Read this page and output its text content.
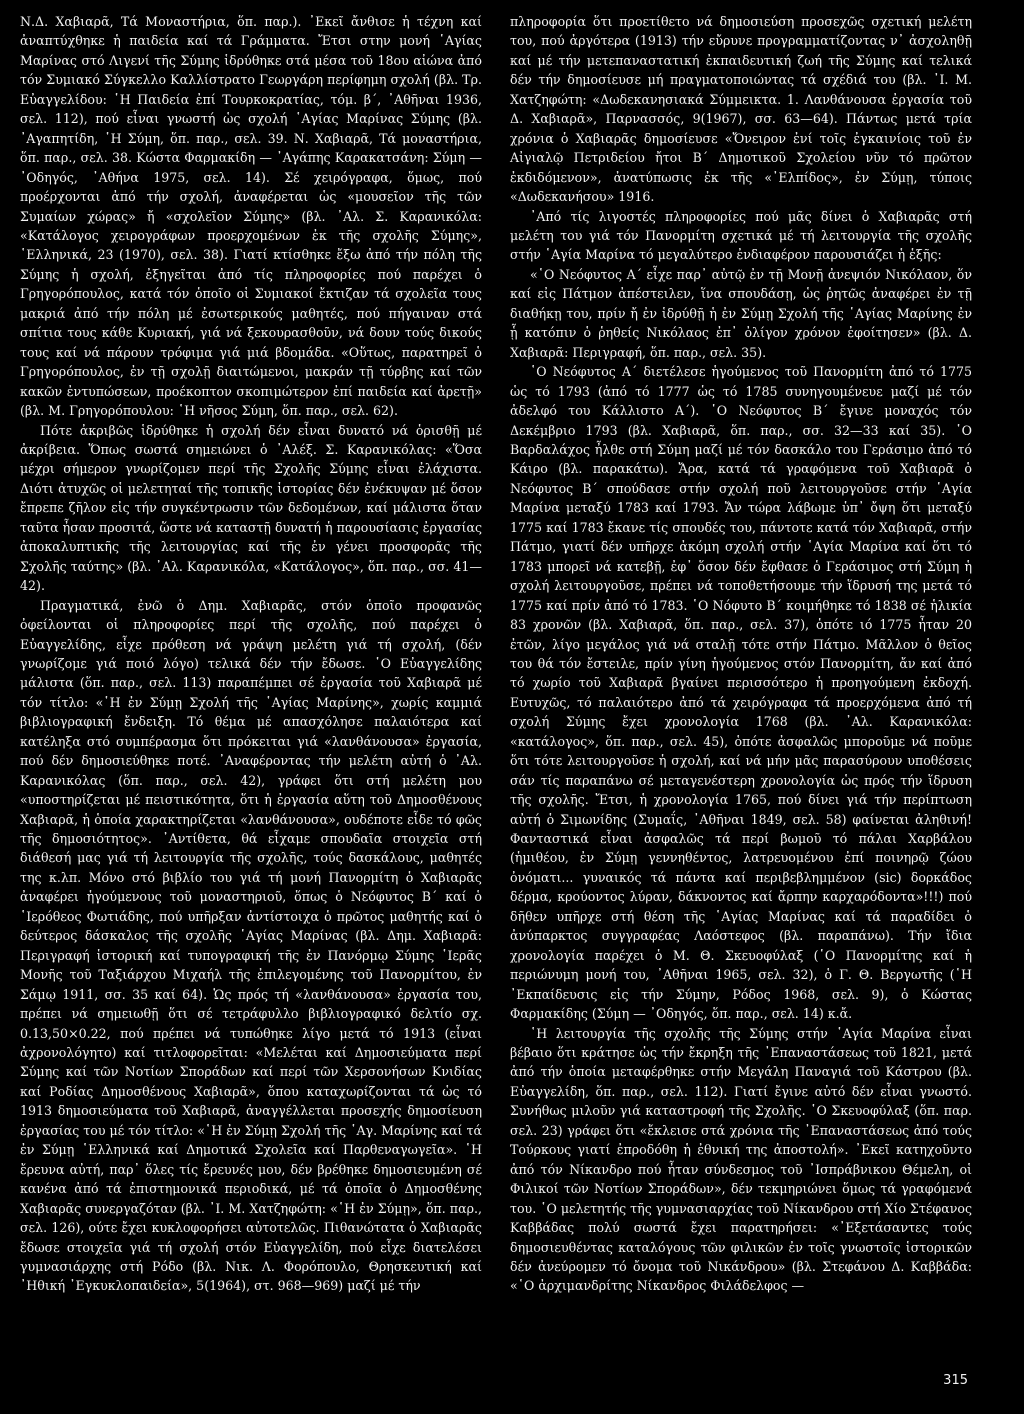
Ν.Δ. Χαβιαρᾶ, Τά Μοναστήρια, ὅπ. παρ.). ᾽Εκεῖ ἄνθισε ἡ τέχνη καί ἀναπτύχθηκε ἡ παιδεία καί τά Γράμματα. Ἔτσι στην μονή ῾Αγίας Μαρίνας στό Λιγενί τῆς Σύμης ἱδρύθηκε στά μέσα τοῦ 18ου αἰώνα ἀπό τόν Συμιακό Σύγκελλο Καλλίστρατο Γεωργάρη περίφημη σχολή (βλ. Τρ. Εὐαγγελίδου: ῾Η Παιδεία ἐπί Τουρκοκρατίας, τόμ. β΄, ᾽Αθῆναι 1936, σελ. 112), πού εἶναι γνωστή ὡς σχολή ῾Αγίας Μαρίνας Σύμης (βλ. ᾽Αγαπητίδη, ῾Η Σύμη, ὅπ. παρ., σελ. 39. Ν. Χαβιαρᾶ, Τά μοναστήρια, ὅπ. παρ., σελ. 38. Κώστα Φαρμακίδη — ᾽Αγάπης Καρακατσάνη: Σύμη — ᾽Οδηγός, ᾽Αθήνα 1975, σελ. 14). Σέ χειρόγραφα, ὅμως, πού προέρχονται ἀπό τήν σχολή, ἀναφέρεται ὡς «μουσεῖον τῆς τῶν Συμαίων χώρας» ἤ «σχολεῖον Σύμης» (βλ. ᾽Αλ. Σ. Καρανικόλα: «Κατάλογος χειρογράφων προερχομένων ἐκ τῆς σχολῆς Σύμης», ῾Ελληνικά, 23 (1970), σελ. 38). Γιατί κτίσθηκε ἔξω ἀπό τήν πόλη τῆς Σύμης ἡ σχολή, ἐξηγεῖται ἀπό τίς πληροφορίες πού παρέχει ὁ Γρηγορόπουλος, κατά τόν ὁποῖο οἱ Συμιακοί ἔκτιζαν τά σχολεῖα τους μακριά ἀπό τήν πόλη μέ ἐσωτερικούς μαθητές, πού πήγαιναν στά σπίτια τους κάθε Κυριακή, γιά νά ξεκουρασθοῦν, νά δουν τούς δικούς τους καί νά πάρουν τρόφιμα γιά μιά βδομάδα. «Οὕτως, παρατηρεῖ ὁ Γρηγορόπουλος, ἐν τῇ σχολῇ διαιτώμενοι, μακράν τῇ τύρβης καί τῶν κακῶν ἐντυπώσεων, προέκοπτον σκοπιμώτερον ἐπί παιδεία καί ἀρετῇ» (βλ. Μ. Γρηγορόπουλου: ῾Η νῆσος Σύμη, ὅπ. παρ., σελ. 62).

Πότε ἀκριβῶς ἱδρύθηκε ἡ σχολή δέν εἶναι δυνατό νά ὁρισθῇ μέ ἀκρίβεια. Ὅπως σωστά σημειώνει ὁ ᾽Αλέξ. Σ. Καρανικόλας: «Ὅσα μέχρι σήμερον γνωρίζομεν περί τῆς Σχολῆς Σύμης εἶναι ἐλάχιστα. Διότι ἀτυχῶς οἱ μελετηταί τῆς τοπικῆς ἱστορίας δέν ἐνέκυψαν μέ ὅσον ἔπρεπε ζῆλον εἰς τήν συγκέντρωσιν τῶν δεδομένων, καί μάλιστα ὅταν ταῦτα ἦσαν προσιτά, ὥστε νά καταστῇ δυνατή ἡ παρουσίασις ἐργασίας ἀποκαλυπτικῆς τῆς λειτουργίας καί τῆς ἐν γένει προσφορᾶς τῆς Σχολῆς ταύτης» (βλ. ᾽Αλ. Καρανικόλα, «Κατάλογος», ὅπ. παρ., σσ. 41—42).

Πραγματικά, ἐνῶ ὁ Δημ. Χαβιαρᾶς, στόν ὁποῖο προφανῶς ὀφείλονται οἱ πληροφορίες περί τῆς σχολῆς, πού παρέχει ὁ Εὐαγγελίδης, εἶχε πρόθεση νά γράψη μελέτη γιά τή σχολή, (δέν γνωρίζομε γιά ποιό λόγο) τελικά δέν τήν ἔδωσε. ῾Ο Εὐαγγελίδης μάλιστα (ὅπ. παρ., σελ. 113) παραπέμπει σέ ἐργασία τοῦ Χαβιαρᾶ μέ τόν τίτλο: «῾Η ἐν Σύμῃ Σχολή τῆς ῾Αγίας Μαρίνης», χωρίς καμμιά βιβλιογραφική ἔνδειξη. Τό θέμα μέ απασχόλησε παλαιότερα καί κατέληξα στό συμπέρασμα ὅτι πρόκειται γιά «λανθάνουσα» ἐργασία, πού δέν δημοσιεύθηκε ποτέ. ᾽Αναφέροντας τήν μελέτη αὐτή ὁ ᾽Αλ. Καρανικόλας (ὅπ. παρ., σελ. 42), γράφει ὅτι στή μελέτη μου «υποστηρίζεται μέ πειστικότητα, ὅτι ἡ ἐργασία αὕτη τοῦ Δημοσθένους Χαβιαρᾶ, ἡ ὁποία χαρακτηρίζεται «λανθάνουσα», ουδέποτε εἶδε τό φῶς τῆς δημοσιότητος». ᾽Αντίθετα, θά εἶχαμε σπουδαῖα στοιχεῖα στή διάθεσή μας γιά τή λειτουργία τῆς σχολῆς, τούς δασκάλους, μαθητές της κ.λπ. Μόνο στό βιβλίο του γιά τή μονή Πανορμίτη ὁ Χαβιαρᾶς ἀναφέρει ἡγούμενους τοῦ μοναστηριοῦ, ὅπως ὁ Νεόφυτος Β΄ καί ὁ ῾Ιερόθεος Φωτιάδης, πού υπῆρξαν ἀντίστοιχα ὁ πρῶτος μαθητής καί ὁ δεύτερος δάσκαλος τῆς σχολῆς ῾Αγίας Μαρίνας (βλ. Δημ. Χαβιαρᾶ: Περιγραφή ἱστορική καί τυπογραφική τῆς ἐν Πανόρμῳ Σύμης ῾Ιερᾶς Μονῆς τοῦ Ταξιάρχου Μιχαήλ τῆς ἐπιλεγομένης τοῦ Πανορμίτου, ἐν Σάμῳ 1911, σσ. 35 καί 64). Ὡς πρός τή «λανθάνουσα» ἐργασία του, πρέπει νά σημειωθῇ ὅτι σέ τετράφυλλο βιβλιογραφικό δελτίο σχ. 0.13,50×0.22, πού πρέπει νά τυπώθηκε λίγο μετά τό 1913 (εἶναι ἀχρονολόγητο) καί τιτλοφορεῖται: «Μελέται καί Δημοσιεύματα περί Σύμης καί τῶν Νοτίων Σποράδων καί περί τῶν Χερσονήσων Κνιδίας καί Ροδίας Δημοσθένους Χαβιαρᾶ», ὅπου καταχωρίζονται τά ὡς τό 1913 δημοσιεύματα τοῦ Χαβιαρᾶ, ἀναγγέλλεται προσεχής δημοσίευση ἐργασίας του μέ τόν τίτλο: «῾Η ἐν Σύμῃ Σχολή τῆς ῾Αγ. Μαρίνης καί τά ἐν Σύμῃ ῾Ελληνικά καί Δημοτικά Σχολεῖα καί Παρθεναγωγεῖα». ῾Η ἔρευνα αὐτή, παρ᾽ ὅλες τίς ἔρευνές μου, δέν βρέθηκε δημοσιευμένη σέ κανένα ἀπό τά ἐπιστημονικά περιοδικά, μέ τά ὁποῖα ὁ Δημοσθένης Χαβιαρᾶς συνεργαζόταν (βλ. ᾽Ι. Μ. Χατζηφώτη: «῾Η ἐν Σύμῃ», ὅπ. παρ., σελ. 126), ούτε ἔχει κυκλοφορήσει αὐτοτελῶς. Πιθανώτατα ὁ Χαβιαρᾶς ἔδωσε στοιχεῖα γιά τή σχολή στόν Εὐαγγελίδη, πού εἶχε διατελέσει γυμνασιάρχης στή Ρόδο (βλ. Νικ. Λ. Φορόπουλο, Θρησκευτική καί ᾽Ηθική ᾽Εγκυκλοπαιδεία», 5(1964), στ. 968—969) μαζί μέ τήν

πληροφορία ὅτι προετίθετο νά δημοσιεύση προσεχῶς σχετική μελέτη του, πού ἀργότερα (1913) τήν εὔρυνε προγραμματίζοντας ν᾽ ἀσχοληθῇ καί μέ τήν μετεπαναστατική ἐκπαιδευτική ζωή τῆς Σύμης καί τελικά δέν τήν δημοσίευσε μή πραγματοποιώντας τά σχέδιά του (βλ. ᾽Ι. Μ. Χατζηφώτη: «Δωδεκανησιακά Σύμμεικτα. 1. Λανθάνουσα ἐργασία τοῦ Δ. Χαβιαρᾶ», Παρνασσός, 9(1967), σσ. 63—64). Πάντως μετά τρία χρόνια ὁ Χαβιαρᾶς δημοσίευσε «Ὄνειρον ἐνί τοῖς ἐγκαινίοις τοῦ ἐν Αἰγιαλῷ Πετριδείου ἤτοι Β΄ Δημοτικοῦ Σχολείου νῦν τό πρῶτον ἐκδιδόμενον», ἀνατύπωσις ἐκ τῆς «᾽Ελπίδος», ἐν Σύμῃ, τύποις «Δωδεκανήσου» 1916.

᾽Από τίς λιγοστές πληροφορίες πού μᾶς δίνει ὁ Χαβιαρᾶς στή μελέτη του γιά τόν Πανορμίτη σχετικά μέ τή λειτουργία τῆς σχολῆς στήν ῾Αγία Μαρίνα τό μεγαλύτερο ἐνδιαφέρον παρουσιάζει ἡ ἑξῆς:

«῾Ο Νεόφυτος Α΄ εἶχε παρ᾽ αὐτῷ ἐν τῇ Μονῇ ἀνεψιόν Νικόλαον, ὅν καί εἰς Πάτμον ἀπέστειλεν, ἵνα σπουδάσῃ, ὡς ῥητῶς ἀναφέρει ἐν τῇ διαθήκῃ του, πρίν ἤ ἐν ἱδρύθῇ ἡ ἐν Σύμῃ Σχολή τῆς ῾Αγίας Μαρίνης ἐν ᾗ κατόπιν ὁ ῥηθείς Νικόλαος ἐπ᾽ ὀλίγον χρόνον ἐφοίτησεν» (βλ. Δ. Χαβιαρᾶ: Περιγραφή, ὅπ. παρ., σελ. 35).

῾Ο Νεόφυτος Α΄ διετέλεσε ἡγούμενος τοῦ Πανορμίτη ἀπό τό 1775 ὡς τό 1793 (ἀπό τό 1777 ὡς τό 1785 συνηγουμένευε μαζί μέ τόν ἀδελφό του Κάλλιστο Α΄). ῾Ο Νεόφυτος Β΄ ἔγινε μοναχός τόν Δεκέμβριο 1793 (βλ. Χαβιαρᾶ, ὅπ. παρ., σσ. 32—33 καί 35). ῾Ο Βαρδαλάχος ἦλθε στή Σύμη μαζί μέ τόν δασκάλο του Γεράσιμο ἀπό τό Κάιρο (βλ. παρακάτω). Ἄρα, κατά τά γραφόμενα τοῦ Χαβιαρᾶ ὁ Νεόφυτος Β΄ σπούδασε στήν σχολή ποῦ λειτουργοῦσε στήν ῾Αγία Μαρίνα μεταξύ 1783 καί 1793. Ἄν τώρα λάβωμε ὑπ᾽ ὄψη ὅτι μεταξύ 1775 καί 1783 ἔκανε τίς σπουδές του, πάντοτε κατά τόν Χαβιαρᾶ, στήν Πάτμο, γιατί δέν υπῆρχε ἀκόμη σχολή στήν ῾Αγία Μαρίνα καί ὅτι τό 1783 μπορεῖ νά κατεβῇ, ἐφ᾽ ὅσον δέν ἔφθασε ὁ Γεράσιμος στή Σύμη ἡ σχολή λειτουργοῦσε, πρέπει νά τοποθετήσουμε τήν ἵδρυσή της μετά τό 1775 καί πρίν ἀπό τό 1783. ῾Ο Νόφυτο Β΄ κοιμήθηκε τό 1838 σέ ἡλικία 83 χρονῶν (βλ. Χαβιαρᾶ, ὅπ. παρ., σελ. 37), ὁπότε ιό 1775 ἦταν 20 ἐτῶν, λίγο μεγάλος γιά νά σταλῇ τότε στήν Πάτμο. Μᾶλλον ὁ θεῖος του θά τόν ἔστειλε, πρίν γίνη ἡγούμενος στόν Πανορμίτη, ἄν καί ἀπό τό χωρίο τοῦ Χαβιαρᾶ βγαίνει περισσότερο ἡ προηγούμενη ἐκδοχή. Ευτυχῶς, τό παλαιότερο ἀπό τά χειρόγραφα τά προερχόμενα ἀπό τή σχολή Σύμης ἔχει χρονολογία 1768 (βλ. ᾽Αλ. Καρανικόλα: «κατάλογος», ὅπ. παρ., σελ. 45), ὁπότε ἀσφαλῶς μποροῦμε νά ποῦμε ὅτι τότε λειτουργοῦσε ἡ σχολή, καί νά μήν μᾶς παρασύρουν υποθέσεις σάν τίς παραπάνω σέ μεταγενέστερη χρονολογία ὡς πρός τήν ἵδρυση τῆς σχολῆς. Ἔτσι, ἡ χρονολογία 1765, πού δίνει γιά τήν περίπτωση αὐτή ὁ Σιμωνίδης (Συμαΐς, ᾽Αθῆναι 1849, σελ. 58) φαίνεται ἀληθινή! Φανταστικά εἶναι ἀσφαλῶς τά περί βωμοῦ τό πάλαι Χαρβάλου (ἡμιθέου, ἐν Σύμῃ γεννηθέντος, λατρευομένου ἐπί ποινηρῷ ζώου ὀνόματι... γυναικός τά πάντα καί περιβεβλημμένον (sic) δορκάδος δέρμα, κρούοντος λύραν, δάκνοντος καί ἄρπην καρχαρόδοντα»!!!) πού δῆθεν υπῆρχε στή θέση τῆς ῾Αγίας Μαρίνας καί τά παραδίδει ὁ ἀνύπαρκτος συγγραφέας Λαόστεφος (βλ. παραπάνω). Τήν ἴδια χρονολογία παρέχει ὁ Μ. Θ. Σκευοφύλαξ (῾Ο Πανορμίτης καί ἡ περιώνυμη μονή του, ᾽Αθῆναι 1965, σελ. 32), ὁ Γ. Θ. Βεργωτῆς (῾Η ᾽Εκπαίδευσις εἰς τήν Σύμην, Ρόδος 1968, σελ. 9), ὁ Κώστας Φαρμακίδης (Σύμη — ᾽Οδηγός, ὅπ. παρ., σελ. 14) κ.ἄ.

῾Η λειτουργία τῆς σχολῆς τῆς Σύμης στήν ῾Αγία Μαρίνα εἶναι βέβαιο ὅτι κράτησε ὡς τήν ἔκρηξη τῆς ᾽Επαναστάσεως τοῦ 1821, μετά ἀπό τήν ὁποία μεταφέρθηκε στήν Μεγάλη Παναγιά τοῦ Κάστρου (βλ. Εὐαγγελίδη, ὅπ. παρ., σελ. 112). Γιατί ἔγινε αὐτό δέν εἶναι γνωστό. Συνήθως μιλοῦν γιά καταστροφή τῆς Σχολῆς. ῾Ο Σκευοφύλαξ (ὅπ. παρ. σελ. 23) γράφει ὅτι «ἔκλεισε στά χρόνια τῆς ᾽Επαναστάσεως ἀπό τούς Τούρκους γιατί ἐπροδόθη ἡ ἐθνική της ἀποστολή». ᾽Εκεῖ κατηχοῦντο ἀπό τόν Νίκανδρο πού ἦταν σύνδεσμος τοῦ ᾽Ισπράβνικου Θέμελη, οἱ Φιλικοί τῶν Νοτίων Σποράδων», δέν τεκμηριώνει ὅμως τά γραφόμενά του. ῾Ο μελετητής τῆς γυμνασιαρχίας τοῦ Νίκανδρου στή Χίο Στέφανος Καββάδας πολύ σωστά ἔχει παρατηρήσει: «᾽Εξετάσαντες τούς δημοσιευθέντας καταλόγους τῶν φιλικῶν ἐν τοῖς γνωστοῖς ἱστορικῶν δέν ἀνεύρομεν τό ὄνομα τοῦ Νικάνδρου» (βλ. Στεφάνου Δ. Καββάδα: «῾Ο ἀρχιμανδρίτης Νίκανδρος Φιλάδελφος —

315
